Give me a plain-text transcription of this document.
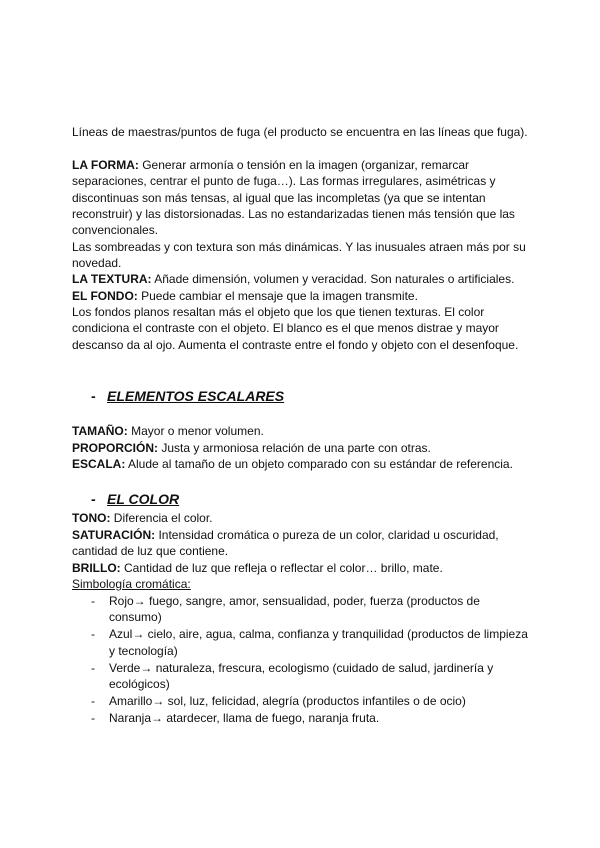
Líneas de maestras/puntos de fuga (el producto se encuentra en las líneas que fuga).

LA FORMA: Generar armonía o tensión en la imagen (organizar, remarcar separaciones, centrar el punto de fuga…). Las formas irregulares, asimétricas y discontinuas son más tensas, al igual que las incompletas (ya que se intentan reconstruir) y las distorsionadas. Las no estandarizadas tienen más tensión que las convencionales.

Las sombreadas y con textura son más dinámicas. Y las inusuales atraen más por su novedad.

LA TEXTURA: Añade dimensión, volumen y veracidad. Son naturales o artificiales.

EL FONDO: Puede cambiar el mensaje que la imagen transmite.

Los fondos planos resaltan más el objeto que los que tienen texturas. El color condiciona el contraste con el objeto. El blanco es el que menos distrae y mayor descanso da al ojo. Aumenta el contraste entre el fondo y objeto con el desenfoque.

- ELEMENTOS ESCALARES

TAMAÑO: Mayor o menor volumen.

PROPORCIÓN: Justa y armoniosa relación de una parte con otras.

ESCALA: Alude al tamaño de un objeto comparado con su estándar de referencia.

- EL COLOR

TONO: Diferencia el color.

SATURACIÓN: Intensidad cromática o pureza de un color, claridad u oscuridad, cantidad de luz que contiene.

BRILLO: Cantidad de luz que refleja o reflectar el color… brillo, mate.

Simbología cromática:

- Rojo→ fuego, sangre, amor, sensualidad, poder, fuerza (productos de consumo)
- Azul→ cielo, aire, agua, calma, confianza y tranquilidad (productos de limpieza y tecnología)
- Verde→ naturaleza, frescura, ecologismo (cuidado de salud, jardinería y ecológicos)
- Amarillo→ sol, luz, felicidad, alegría (productos infantiles o de ocio)
- Naranja→ atardecer, llama de fuego, naranja fruta.
